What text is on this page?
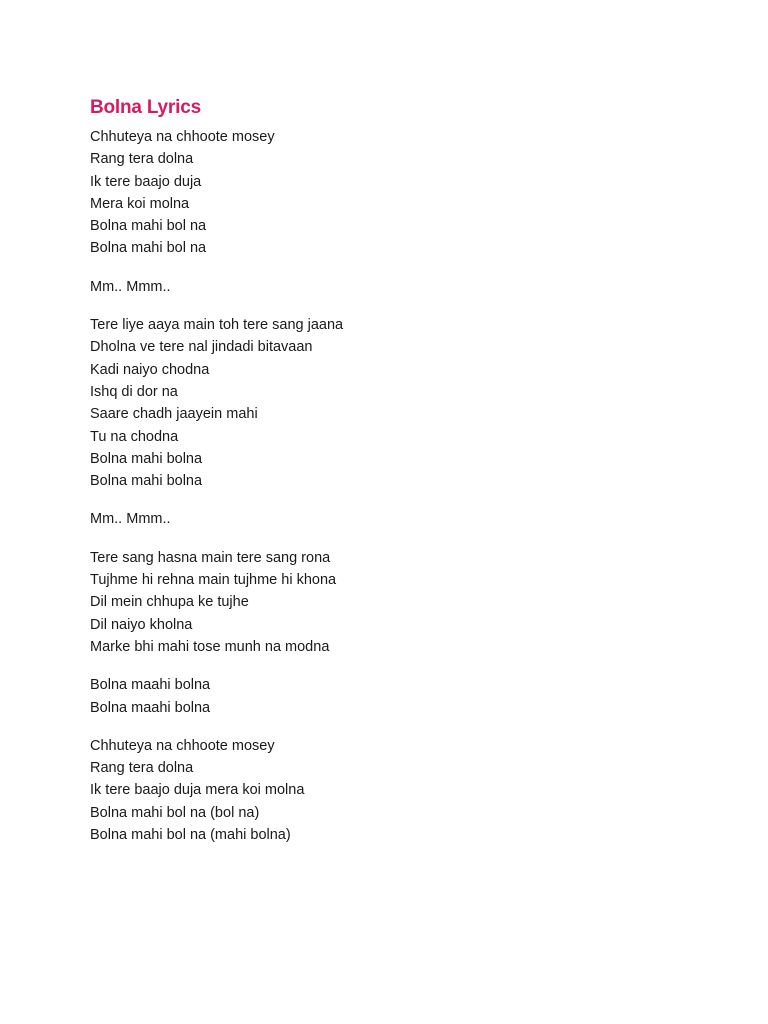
Bolna Lyrics
Chhuteya na chhoote mosey
Rang tera dolna
Ik tere baajo duja
Mera koi molna
Bolna mahi bol na
Bolna mahi bol na
Mm.. Mmm..
Tere liye aaya main toh tere sang jaana
Dholna ve tere nal jindadi bitavaan
Kadi naiyo chodna
Ishq di dor na
Saare chadh jaayein mahi
Tu na chodna
Bolna mahi bolna
Bolna mahi bolna
Mm.. Mmm..
Tere sang hasna main tere sang rona
Tujhme hi rehna main tujhme hi khona
Dil mein chhupa ke tujhe
Dil naiyo kholna
Marke bhi mahi tose munh na modna
Bolna maahi bolna
Bolna maahi bolna
Chhuteya na chhoote mosey
Rang tera dolna
Ik tere baajo duja mera koi molna
Bolna mahi bol na (bol na)
Bolna mahi bol na (mahi bolna)
